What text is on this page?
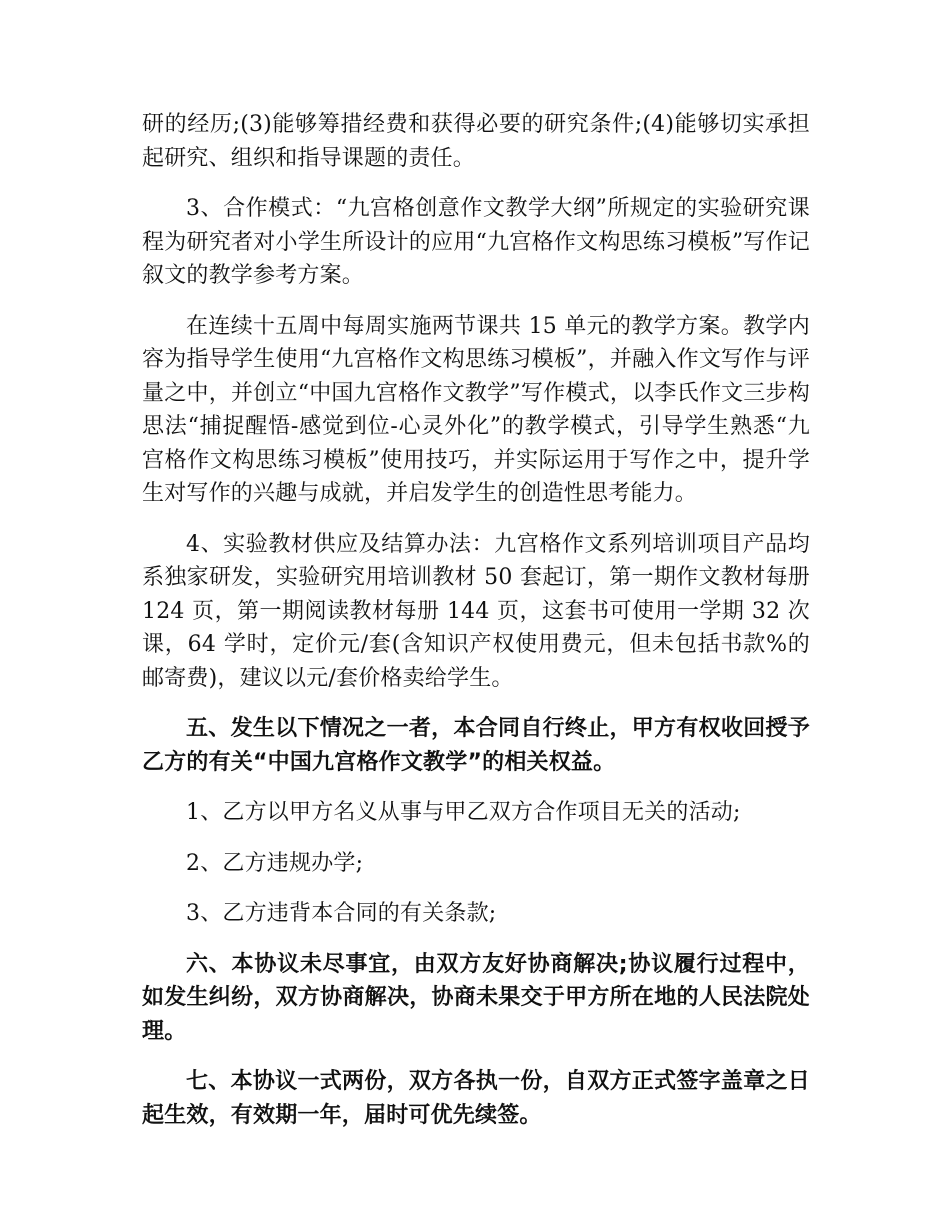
研的经历;(3)能够筹措经费和获得必要的研究条件;(4)能够切实承担起研究、组织和指导课题的责任。

3、合作模式：“九宫格创意作文教学大纲”所规定的实验研究课程为研究者对小学生所设计的应用“九宫格作文构思练习模板”写作记叙文的教学参考方案。

在连续十五周中每周实施两节课共 15 单元的教学方案。教学内容为指导学生使用“九宫格作文构思练习模板”，并融入作文写作与评量之中，并创立“中国九宫格作文教学”写作模式，以李氏作文三步构思法“捕捉醒悟-感觉到位-心灵外化”的教学模式，引导学生熟悉“九宫格作文构思练习模板”使用技巧，并实际运用于写作之中，提升学生对写作的兴趣与成就，并启发学生的创造性思考能力。

4、实验教材供应及结算办法：九宫格作文系列培训项目产品均系独家研发，实验研究用培训教材 50 套起订，第一期作文教材每册 124 页，第一期阅读教材每册 144 页，这套书可使用一学期 32 次课，64 学时，定价元/套(含知识产权使用费元，但未包括书款%的邮寄费)，建议以元/套价格卖给学生。

五、发生以下情况之一者，本合同自行终止，甲方有权收回授予乙方的有关“中国九宫格作文教学”的相关权益。

1、乙方以甲方名义从事与甲乙双方合作项目无关的活动;

2、乙方违规办学;

3、乙方违背本合同的有关条款;

六、本协议未尽事宜，由双方友好协商解决;协议履行过程中，如发生纠纷，双方协商解决，协商未果交于甲方所在地的人民法院处理。

七、本协议一式两份，双方各执一份，自双方正式签字盖章之日起生效，有效期一年，届时可优先续签。
